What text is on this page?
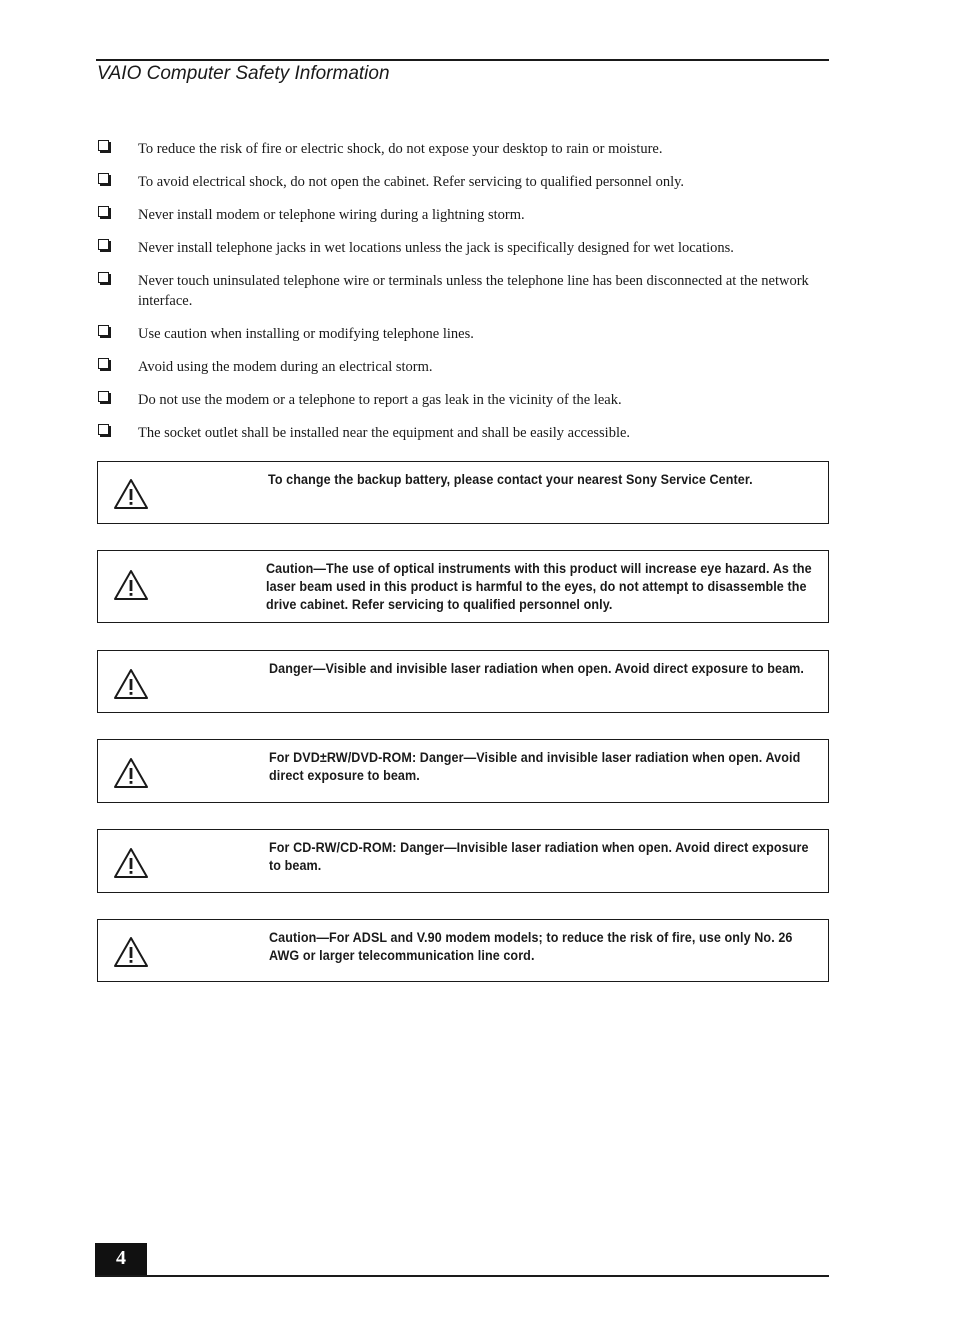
VAIO Computer Safety Information
To reduce the risk of fire or electric shock, do not expose your desktop to rain or moisture.
To avoid electrical shock, do not open the cabinet. Refer servicing to qualified personnel only.
Never install modem or telephone wiring during a lightning storm.
Never install telephone jacks in wet locations unless the jack is specifically designed for wet locations.
Never touch uninsulated telephone wire or terminals unless the telephone line has been disconnected at the network interface.
Use caution when installing or modifying telephone lines.
Avoid using the modem during an electrical storm.
Do not use the modem or a telephone to report a gas leak in the vicinity of the leak.
The socket outlet shall be installed near the equipment and shall be easily accessible.
To change the backup battery, please contact your nearest Sony Service Center.
Caution—The use of optical instruments with this product will increase eye hazard. As the laser beam used in this product is harmful to the eyes, do not attempt to disassemble the drive cabinet. Refer servicing to qualified personnel only.
Danger—Visible and invisible laser radiation when open. Avoid direct exposure to beam.
For DVD±RW/DVD-ROM: Danger—Visible and invisible laser radiation when open. Avoid direct exposure to beam.
For CD-RW/CD-ROM: Danger—Invisible laser radiation when open. Avoid direct exposure to beam.
Caution—For ADSL and V.90 modem models; to reduce the risk of fire, use only No. 26 AWG or larger telecommunication line cord.
4
